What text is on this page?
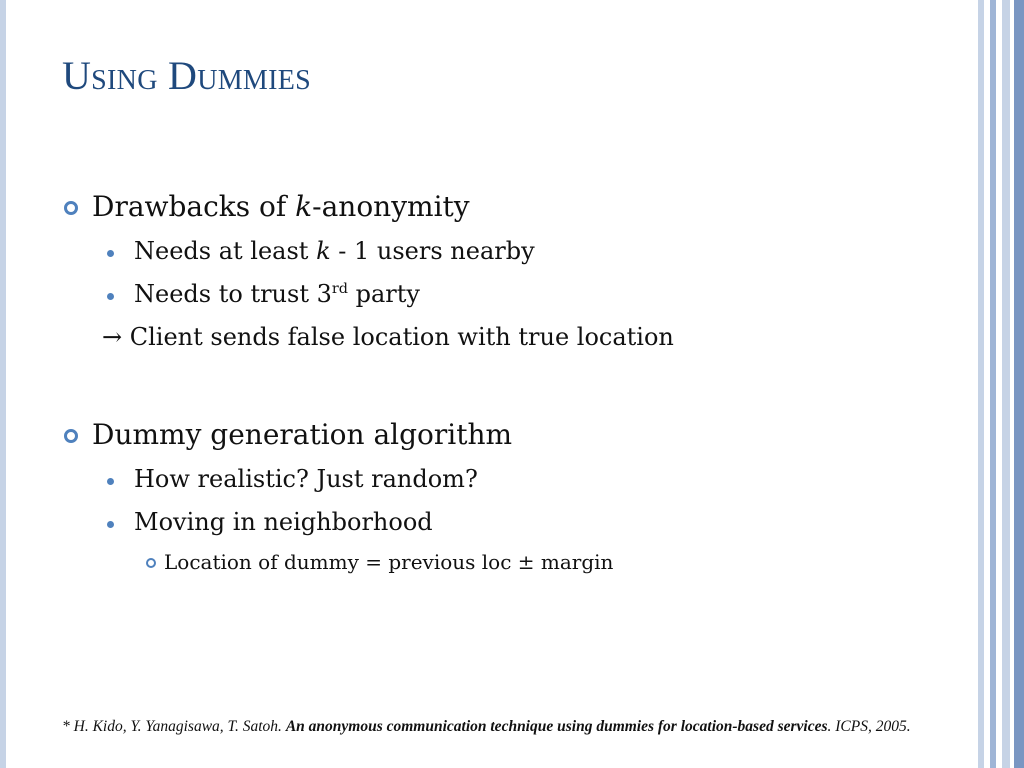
Using Dummies
Drawbacks of k-anonymity
Needs at least k - 1 users nearby
Needs to trust 3rd party
→ Client sends false location with true location
Dummy generation algorithm
How realistic? Just random?
Moving in neighborhood
Location of dummy = previous loc ± margin
* H. Kido, Y. Yanagisawa, T. Satoh. An anonymous communication technique using dummies for location-based services. ICPS, 2005.
